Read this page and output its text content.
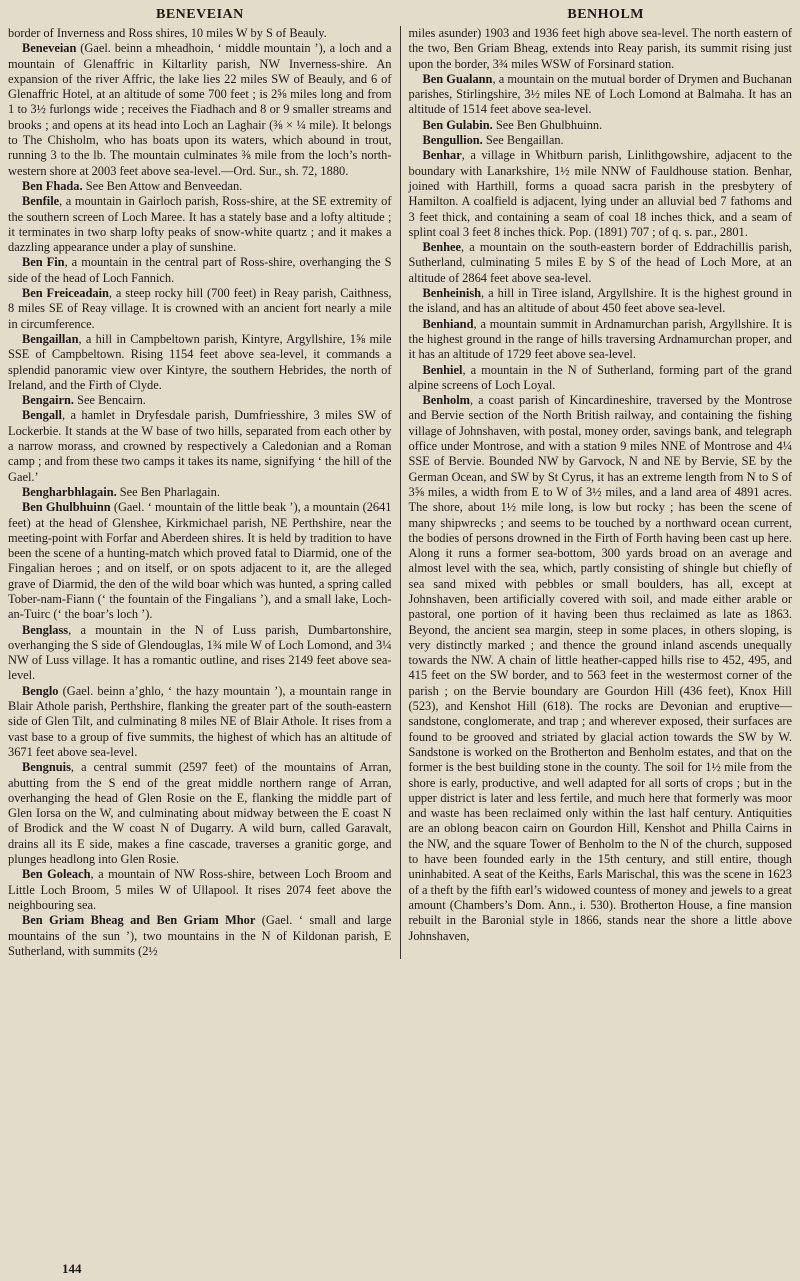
BENEVEIAN	BENHOLM

border of Inverness and Ross shires, 10 miles W by S of Beauly.

Beneveian (Gael. beinn a mheadhoin, ‘ middle mountain ’), a loch and a mountain of Glenaffric in Kiltarlity parish, NW Inverness-shire. An expansion of the river Affric, the lake lies 22 miles SW of Beauly, and 6 of Glenaffric Hotel, at an altitude of some 700 feet ; is 2⅝ miles long and from 1 to 3½ furlongs wide ; receives the Fiadhach and 8 or 9 smaller streams and brooks ; and opens at its head into Loch an Laghair (⅜ × ¼ mile). It belongs to The Chisholm, who has boats upon its waters, which abound in trout, running 3 to the lb. The mountain culminates ⅜ mile from the loch’s north-western shore at 2003 feet above sea-level.—Ord. Sur., sh. 72, 1880.

Ben Fhada. See Ben Attow and Benveedan.

Benfile, a mountain in Gairloch parish, Ross-shire, at the SE extremity of the southern screen of Loch Maree. It has a stately base and a lofty altitude ; it terminates in two sharp lofty peaks of snow-white quartz ; and it makes a dazzling appearance under a play of sunshine.

Ben Fin, a mountain in the central part of Ross-shire, overhanging the S side of the head of Loch Fannich.

Ben Freiceadain, a steep rocky hill (700 feet) in Reay parish, Caithness, 8 miles SE of Reay village. It is crowned with an ancient fort nearly a mile in circumference.

Bengaillan, a hill in Campbeltown parish, Kintyre, Argyllshire, 1⅝ mile SSE of Campbeltown. Rising 1154 feet above sea-level, it commands a splendid panoramic view over Kintyre, the southern Hebrides, the north of Ireland, and the Firth of Clyde.

Bengairn. See Bencairn.

Bengall, a hamlet in Dryfesdale parish, Dumfriesshire, 3 miles SW of Lockerbie. It stands at the W base of two hills, separated from each other by a narrow morass, and crowned by respectively a Caledonian and a Roman camp ; and from these two camps it takes its name, signifying ‘ the hill of the Gael.’

Bengharbhlagain. See Ben Pharlagain.

Ben Ghulbhuinn (Gael. ‘ mountain of the little beak ’), a mountain (2641 feet) at the head of Glenshee, Kirkmichael parish, NE Perthshire, near the meeting-point with Forfar and Aberdeen shires. It is held by tradition to have been the scene of a hunting-match which proved fatal to Diarmid, one of the Fingalian heroes ; and on itself, or on spots adjacent to it, are the alleged grave of Diarmid, the den of the wild boar which was hunted, a spring called Tober-nam-Fiann (‘ the fountain of the Fingalians ’), and a small lake, Loch-an-Tuirc (‘ the boar’s loch ’).

Benglass, a mountain in the N of Luss parish, Dumbartonshire, overhanging the S side of Glendouglas, 1¾ mile W of Loch Lomond, and 3¼ NW of Luss village. It has a romantic outline, and rises 2149 feet above sea-level.

Benglo (Gael. beinn a’ghlo, ‘ the hazy mountain ’), a mountain range in Blair Athole parish, Perthshire, flanking the greater part of the south-eastern side of Glen Tilt, and culminating 8 miles NE of Blair Athole. It rises from a vast base to a group of five summits, the highest of which has an altitude of 3671 feet above sea-level.

Bengnuis, a central summit (2597 feet) of the mountains of Arran, abutting from the S end of the great middle northern range of Arran, overhanging the head of Glen Rosie on the E, flanking the middle part of Glen Iorsa on the W, and culminating about midway between the E coast N of Brodick and the W coast N of Dugarry. A wild burn, called Garavalt, drains all its E side, makes a fine cascade, traverses a granitic gorge, and plunges headlong into Glen Rosie.

Ben Goleach, a mountain of NW Ross-shire, between Loch Broom and Little Loch Broom, 5 miles W of Ullapool. It rises 2074 feet above the neighbouring sea.

Ben Griam Bheag and Ben Griam Mhor (Gael. ‘ small and large mountains of the sun ’), two mountains in the N of Kildonan parish, E Sutherland, with summits (2½

miles asunder) 1903 and 1936 feet high above sea-level. The north eastern of the two, Ben Griam Bheag, extends into Reay parish, its summit rising just upon the border, 3¾ miles WSW of Forsinard station.

Ben Gualann, a mountain on the mutual border of Drymen and Buchanan parishes, Stirlingshire, 3½ miles NE of Loch Lomond at Balmaha. It has an altitude of 1514 feet above sea-level.

Ben Gulabin. See Ben Ghulbhuinn.

Bengullion. See Bengaillan.

Benhar, a village in Whitburn parish, Linlithgowshire, adjacent to the boundary with Lanarkshire, 1½ mile NNW of Fauldhouse station. Benhar, joined with Harthill, forms a quoad sacra parish in the presbytery of Hamilton. A coalfield is adjacent, lying under an alluvial bed 7 fathoms and 3 feet thick, and containing a seam of coal 18 inches thick, and a seam of splint coal 3 feet 8 inches thick. Pop. (1891) 707 ; of q. s. par., 2801.

Benhee, a mountain on the south-eastern border of Eddrachillis parish, Sutherland, culminating 5 miles E by S of the head of Loch More, at an altitude of 2864 feet above sea-level.

Benheinish, a hill in Tiree island, Argyllshire. It is the highest ground in the island, and has an altitude of about 450 feet above sea-level.

Benhiand, a mountain summit in Ardnamurchan parish, Argyllshire. It is the highest ground in the range of hills traversing Ardnamurchan proper, and it has an altitude of 1729 feet above sea-level.

Benhiel, a mountain in the N of Sutherland, forming part of the grand alpine screens of Loch Loyal.

Benholm, a coast parish of Kincardineshire, traversed by the Montrose and Bervie section of the North British railway, and containing the fishing village of Johnshaven, with postal, money order, savings bank, and telegraph office under Montrose, and with a station 9 miles NNE of Montrose and 4¼ SSE of Bervie. Bounded NW by Garvock, N and NE by Bervie, SE by the German Ocean, and SW by St Cyrus, it has an extreme length from N to S of 3⅝ miles, a width from E to W of 3½ miles, and a land area of 4891 acres. The shore, about 1½ mile long, is low but rocky ; has been the scene of many shipwrecks ; and seems to be touched by a northward ocean current, the bodies of persons drowned in the Firth of Forth having been cast up here. Along it runs a former sea-bottom, 300 yards broad on an average and almost level with the sea, which, partly consisting of shingle but chiefly of sea sand mixed with pebbles or small boulders, has all, except at Johnshaven, been artificially covered with soil, and made either arable or pastoral, one portion of it having been thus reclaimed as late as 1863. Beyond, the ancient sea margin, steep in some places, in others sloping, is very distinctly marked ; and thence the ground inland ascends unequally towards the NW. A chain of little heather-capped hills rise to 452, 495, and 415 feet on the SW border, and to 563 feet in the westermost corner of the parish ; on the Bervie boundary are Gourdon Hill (436 feet), Knox Hill (523), and Kenshot Hill (618). The rocks are Devonian and eruptive—sandstone, conglomerate, and trap ; and wherever exposed, their surfaces are found to be grooved and striated by glacial action towards the SW by W. Sandstone is worked on the Brotherton and Benholm estates, and that on the former is the best building stone in the county. The soil for 1½ mile from the shore is early, productive, and well adapted for all sorts of crops ; but in the upper district is later and less fertile, and much here that formerly was moor and waste has been reclaimed only within the last half century. Antiquities are an oblong beacon cairn on Gourdon Hill, Kenshot and Philla Cairns in the NW, and the square Tower of Benholm to the N of the church, supposed to have been founded early in the 15th century, and still entire, though uninhabited. A seat of the Keiths, Earls Marischal, this was the scene in 1623 of a theft by the fifth earl’s widowed countess of money and jewels to a great amount (Chambers’s Dom. Ann., i. 530). Brotherton House, a fine mansion rebuilt in the Baronial style in 1866, stands near the shore a little above Johnshaven,

144
